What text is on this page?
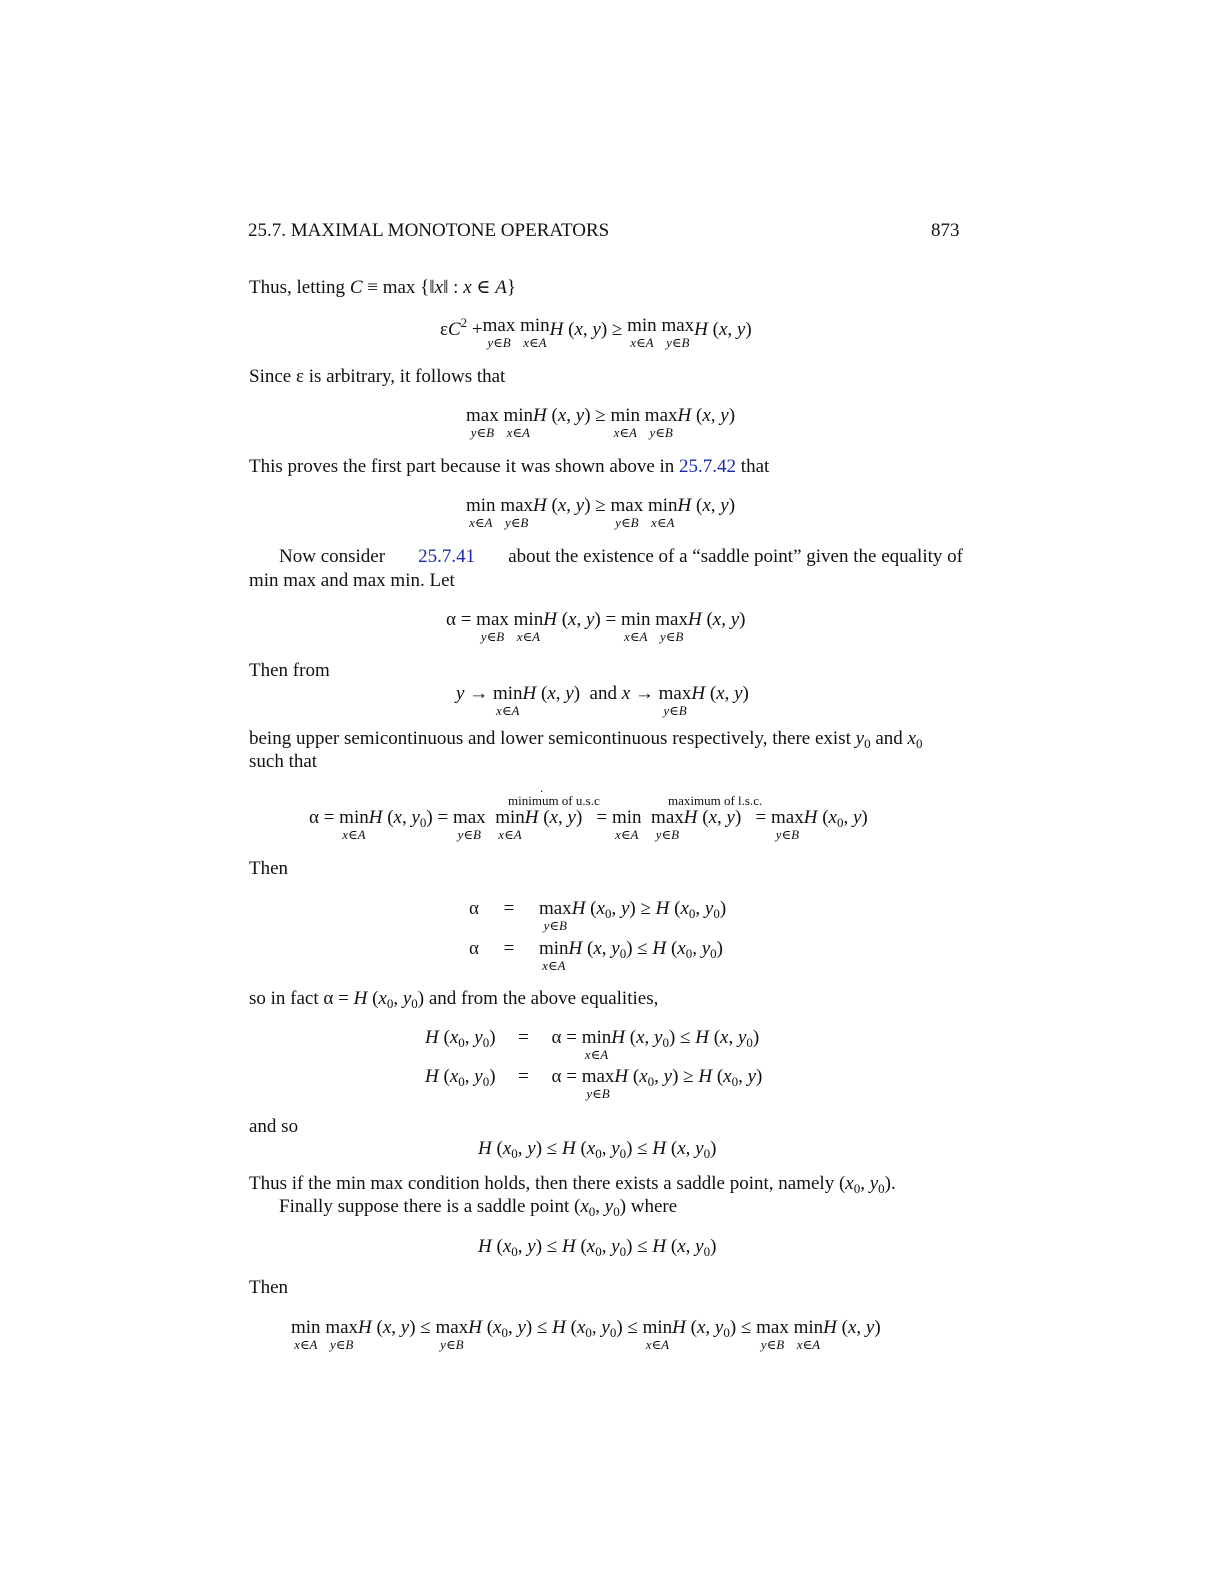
25.7. MAXIMAL MONOTONE OPERATORS	873
Thus, letting C ≡ max {‖x‖ : x ∈ A}
$\varepsilon C^2 +\max$
y∈B
min
x∈A
H (x, y) ≥ min
x∈A
max
y∈B
H (x, y)
Since ε is arbitrary, it follows that
max
y∈B
min
x∈A
H (x, y) ≥ min
x∈A
max
y∈B
H (x, y)
This proves the first part because it was shown above in 25.7.42 that
min
x∈A
max
y∈B
H (x, y) ≥ max
y∈B
min
x∈A
H (x, y)
Now consider 25.7.41 about the existence of a “saddle point” given the equality of
min max and max min. Let
α = max
y∈B
min
x∈A
H (x, y) = min
x∈A
max
y∈B
H (x, y)
Then from
y → min
x∈A
H (x, y)  and x → max
y∈B
H (x, y)
being upper semicontinuous and lower semicontinuous respectively, there exist $y_0$ and $x_0$
such that
minimum of u.s.c	maximum of l.s.c.
.
α = min
x∈A
H (x, $y_0) = \max$
y∈B
min
x∈A
H (x, y)   = min
x∈A
max
y∈B
H (x, y)   = max
y∈B
H ($x_0$, y)
Then
α = max
y∈B
H ($x_0$, y) ≥ H ($x_0$, $y_0$)
α = min
x∈A
H (x, $y_0) \le H$ ($x_0$, $y_0$)
so in fact α = H ($x_0$, $y_0$) and from the above equalities,
H ($x_0$, $y_0) = \alpha = \min$
x∈A
H (x, $y_0) \le H$ (x, $y_0$)
H ($x_0$, $y_0) = \alpha = \max$
y∈B
H ($x_0$, y) ≥ H ($x_0$, y)
and so
H ($x_0$, y) ≤ H ($x_0$, $y_0) \le H$ (x, $y_0$)
Thus if the min max condition holds, then there exists a saddle point, namely ($x_0$, $y_0$).
Finally suppose there is a saddle point ($x_0$, $y_0$) where
H ($x_0$, y) ≤ H ($x_0$, $y_0) \le H$ (x, $y_0$)
Then
min
x∈A
max
y∈B
H (x, y) ≤ max
y∈B
H ($x_0$, y) ≤ H ($x_0$, $y_0) \le \min$
x∈A
H (x, $y_0) \le \max$
y∈B
min
x∈A
H (x, y)
